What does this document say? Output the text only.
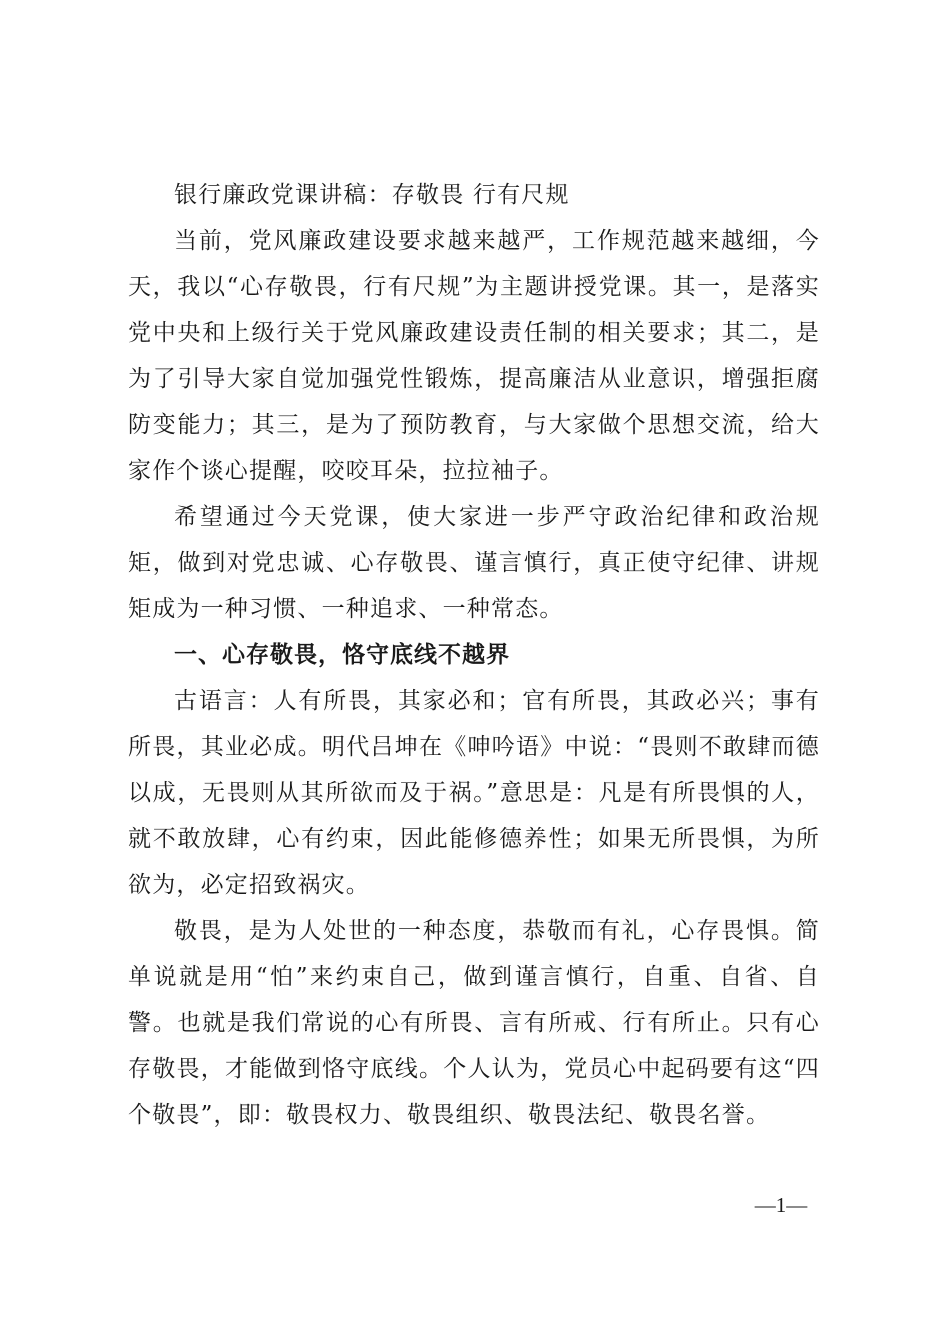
银行廉政党课讲稿：存敬畏 行有尺规

当前，党风廉政建设要求越来越严，工作规范越来越细，今天，我以“心存敬畏，行有尺规”为主题讲授党课。其一，是落实党中央和上级行关于党风廉政建设责任制的相关要求；其二，是为了引导大家自觉加强党性锻炼，提高廉洁从业意识，增强拒腐防变能力；其三，是为了预防教育，与大家做个思想交流，给大家作个谈心提醒，咬咬耳朵，拉拉袖子。

希望通过今天党课，使大家进一步严守政治纪律和政治规矩，做到对党忠诚、心存敬畏、谨言慎行，真正使守纪律、讲规矩成为一种习惯、一种追求、一种常态。

一、心存敬畏，恪守底线不越界

古语言：人有所畏，其家必和；官有所畏，其政必兴；事有所畏，其业必成。明代吕坤在《呻吟语》中说：“畏则不敢肆而德以成，无畏则从其所欲而及于祸。”意思是：凡是有所畏惧的人，就不敢放肆，心有约束，因此能修德养性；如果无所畏惧，为所欲为，必定招致祸灾。

敬畏，是为人处世的一种态度，恭敬而有礼，心存畏惧。简单说就是用“怕”来约束自己，做到谨言慎行，自重、自省、自警。也就是我们常说的心有所畏、言有所戒、行有所止。只有心存敬畏，才能做到恪守底线。个人认为，党员心中起码要有这“四个敬畏”，即：敬畏权力、敬畏组织、敬畏法纪、敬畏名誉。

—1—
